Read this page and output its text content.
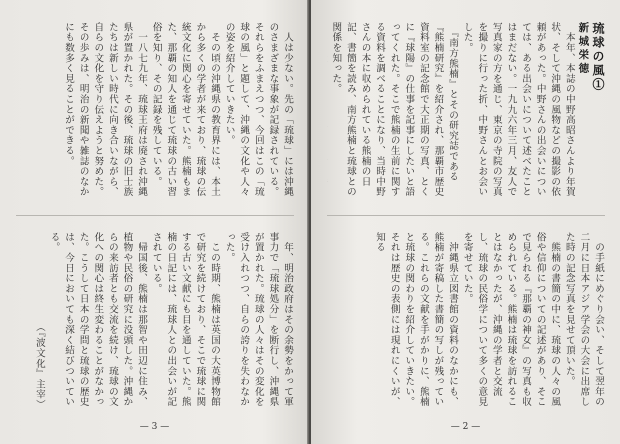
　人は少ない。先の「琉球」には沖縄のさまざまな事象が記録されている。それらをふまえつつ、今回はこの「琉球の風」と題して、沖縄の文化や人々の姿を紹介していきたい。
　その頃の沖縄県の教育界には、本土から多くの学者が来ており、琉球の伝統文化に関心を寄せていた。熊楠もまた、那覇の知人を通じて琉球の古い習俗を知り、その記録を残している。
　一八七九年、琉球王府は廃され沖縄県が置かれた。その後、琉球の旧士族たちは新しい時代に向き合いながら、自らの文化を守り伝えようと努めた。その歩みは、明治の新聞や雑誌のなかにも数多く見ることができる。
　年、明治政府はその余勢をかって軍事力で「琉球処分」を断行し、沖縄県が置かれた。琉球の人々はその変化を受け入れつつ、自らの誇りを失わなかった。
　この時期、熊楠は英国の大英博物館で研究を続けており、そこで琉球に関する古い文献にも目を通していた。熊楠の日記には、琉球人との出会いが記されている。
　帰国後、熊楠は那智や田辺に住み、植物や民俗の研究に没頭した。沖縄からの来訪者とも交流を続け、琉球の文化への関心は終生変わることがなかった。こうして日本の学問と琉球の歴史は、今日においても深く結びついている。
（『波文化』主宰）
— 3 —
琉球の風①
新城栄徳

　本年、本誌の中野高昭さんより年賀状、そして沖縄の風物などの撮影の依頼があった。中野さんの出会いについては、ある出会いについて述べたことはまだない。一九九六年三月、友人で写真家の方を通じ、東京の寺院の写真を撮りに行った折、中野さんとお会いした。
　『南方熊楠』とその研究誌である『熊楠研究』を紹介され、那覇市歴史資料室の記念館で大正期の写真、とくに『球陽』の仕事を記事にしたいと語ってくれた。そこで熊楠の生前に関する資料を調べることになり、当時中野さんの本に収められている熊楠の日記、書簡を読み、南方熊楠と琉球との関係を知った。
　の手紙にめぐり会い、そして翌年の二月に日本アジア学会の大会に出席した時の記念写真を見せて頂いた。
　熊楠の書簡の中に、琉球の人々の風俗や信仰についての記述があり、そこで見られる『那覇の神女』の写真も収められている。熊楠は琉球を訪れることはなかったが、沖縄の学者と交流し、琉球の民俗学について多くの意見を寄せていた。
　沖縄県立図書館の資料のなかにも、熊楠が寄稿した書簡の写しが残っている。これらの文献を手がかりに、熊楠と琉球の関わりを紹介していきたい。それは歴史の表側には現れにくいが、知る
— 2 —
